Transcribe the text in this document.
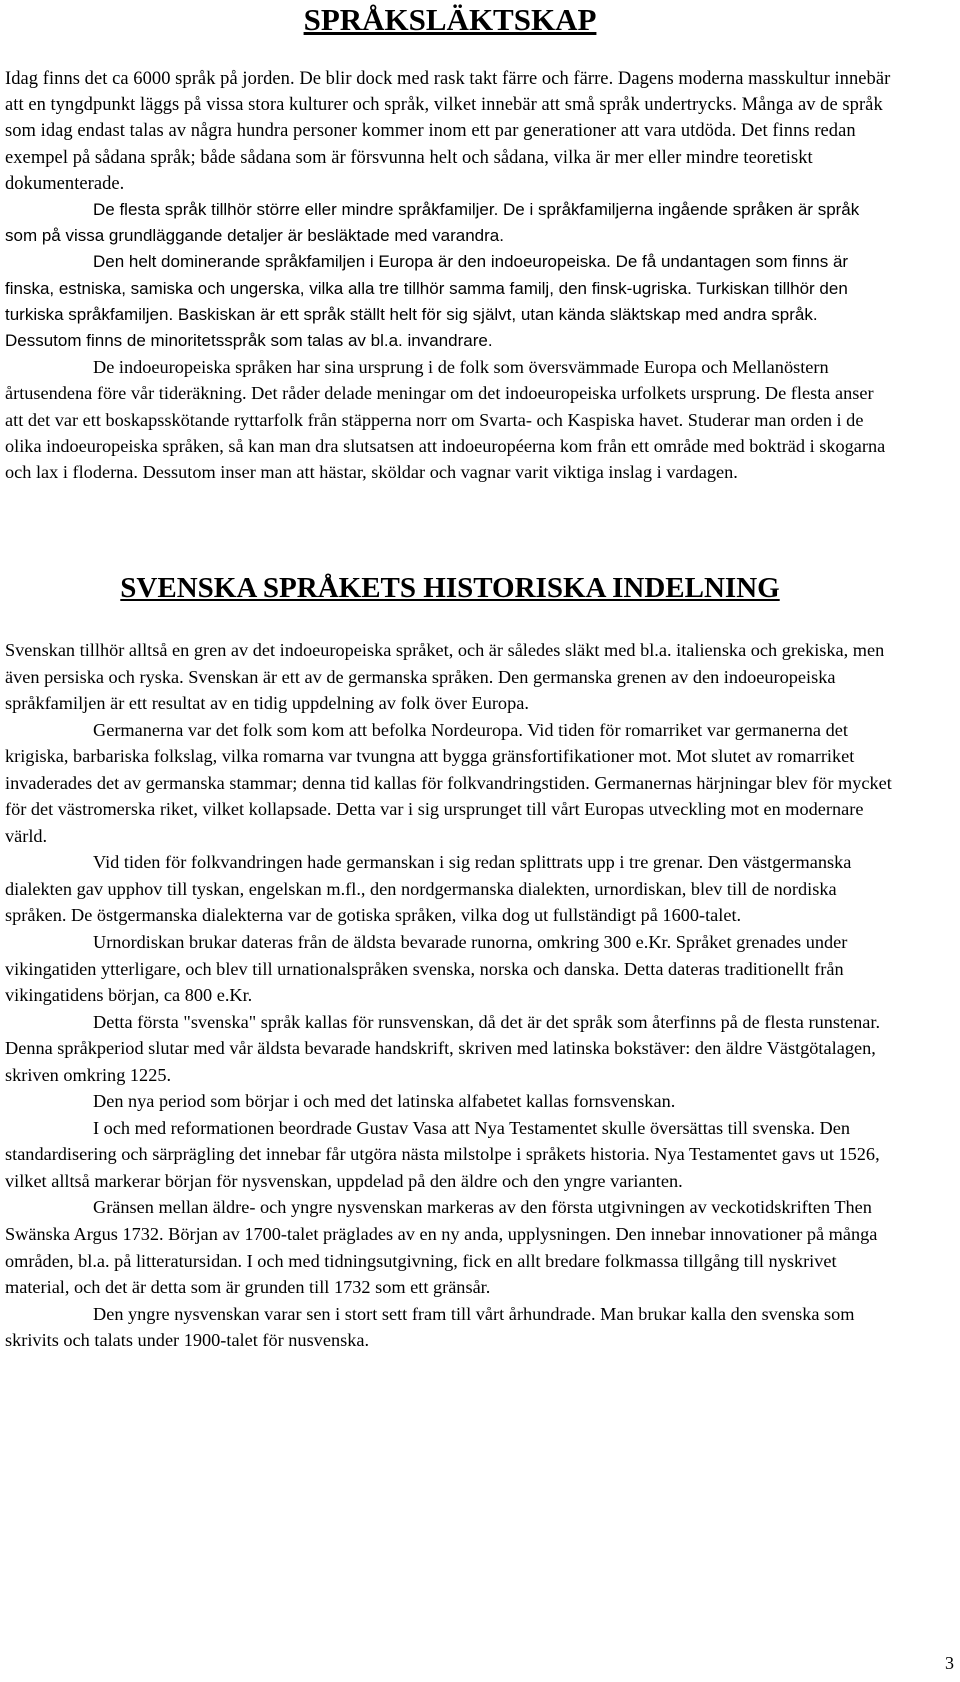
SPRÅKSLÄKTSKAP

Idag finns det ca 6000 språk på jorden. De blir dock med rask takt färre och färre. Dagens moderna masskultur innebär att en tyngdpunkt läggs på vissa stora kulturer och språk, vilket innebär att små språk undertrycks. Många av de språk som idag endast talas av några hundra personer kommer inom ett par generationer att vara utdöda. Det finns redan exempel på sådana språk; både sådana som är försvunna helt och sådana, vilka är mer eller mindre teoretiskt dokumenterade.

De flesta språk tillhör större eller mindre språkfamiljer. De i språkfamiljerna ingående språken är språk som på vissa grundläggande detaljer är besläktade med varandra.

Den helt dominerande språkfamiljen i Europa är den indoeuropeiska. De få undantagen som finns är finska, estniska, samiska och ungerska, vilka alla tre tillhör samma familj, den finsk-ugriska. Turkiskan tillhör den turkiska språkfamiljen. Baskiskan är ett språk ställt helt för sig självt, utan kända släktskap med andra språk. Dessutom finns de minoritetsspråk som talas av bl.a. invandrare.

De indoeuropeiska språken har sina ursprung i de folk som översvämmade Europa och Mellanöstern årtusendena före vår tideräkning. Det råder delade meningar om det indoeuropeiska urfolkets ursprung. De flesta anser att det var ett boskapsskötande ryttarfolk från stäpperna norr om Svarta- och Kaspiska havet. Studerar man orden i de olika indoeuropeiska språken, så kan man dra slutsatsen att indoeuropéerna kom från ett område med bokträd i skogarna och lax i floderna. Dessutom inser man att hästar, sköldar och vagnar varit viktiga inslag i vardagen.

SVENSKA SPRÅKETS HISTORISKA INDELNING

Svenskan tillhör alltså en gren av det indoeuropeiska språket, och är således släkt med bl.a. italienska och grekiska, men även persiska och ryska. Svenskan är ett av de germanska språken. Den germanska grenen av den indoeuropeiska språkfamiljen är ett resultat av en tidig uppdelning av folk över Europa.

Germanerna var det folk som kom att befolka Nordeuropa. Vid tiden för romarriket var germanerna det krigiska, barbariska folkslag, vilka romarna var tvungna att bygga gränsfortifikationer mot. Mot slutet av romarriket invaderades det av germanska stammar; denna tid kallas för folkvandringstiden. Germanernas härjningar blev för mycket för det västromerska riket, vilket kollapsade. Detta var i sig ursprunget till vårt Europas utveckling mot en modernare värld.

Vid tiden för folkvandringen hade germanskan i sig redan splittrats upp i tre grenar. Den västgermanska dialekten gav upphov till tyskan, engelskan m.fl., den nordgermanska dialekten, urnordiskan, blev till de nordiska språken. De östgermanska dialekterna var de gotiska språken, vilka dog ut fullständigt på 1600-talet.

Urnordiskan brukar dateras från de äldsta bevarade runorna, omkring 300 e.Kr. Språket grenades under vikingatiden ytterligare, och blev till urnationalspråken svenska, norska och danska. Detta dateras traditionellt från vikingatidens början, ca 800 e.Kr.

Detta första "svenska" språk kallas för runsvenskan, då det är det språk som återfinns på de flesta runstenar. Denna språkperiod slutar med vår äldsta bevarade handskrift, skriven med latinska bokstäver: den äldre Västgötalagen, skriven omkring 1225.

Den nya period som börjar i och med det latinska alfabetet kallas fornsvenskan.

I och med reformationen beordrade Gustav Vasa att Nya Testamentet skulle översättas till svenska. Den standardisering och särprägling det innebar får utgöra nästa milstolpe i språkets historia. Nya Testamentet gavs ut 1526, vilket alltså markerar början för nysvenskan, uppdelad på den äldre och den yngre varianten.

Gränsen mellan äldre- och yngre nysvenskan markeras av den första utgivningen av veckotidskriften Then Swänska Argus 1732. Början av 1700-talet präglades av en ny anda, upplysningen. Den innebar innovationer på många områden, bl.a. på litteratursidan. I och med tidningsutgivning, fick en allt bredare folkmassa tillgång till nyskrivet material, och det är detta som är grunden till 1732 som ett gränsår.

Den yngre nysvenskan varar sen i stort sett fram till vårt århundrade. Man brukar kalla den svenska som skrivits och talats under 1900-talet för nusvenska.

3
